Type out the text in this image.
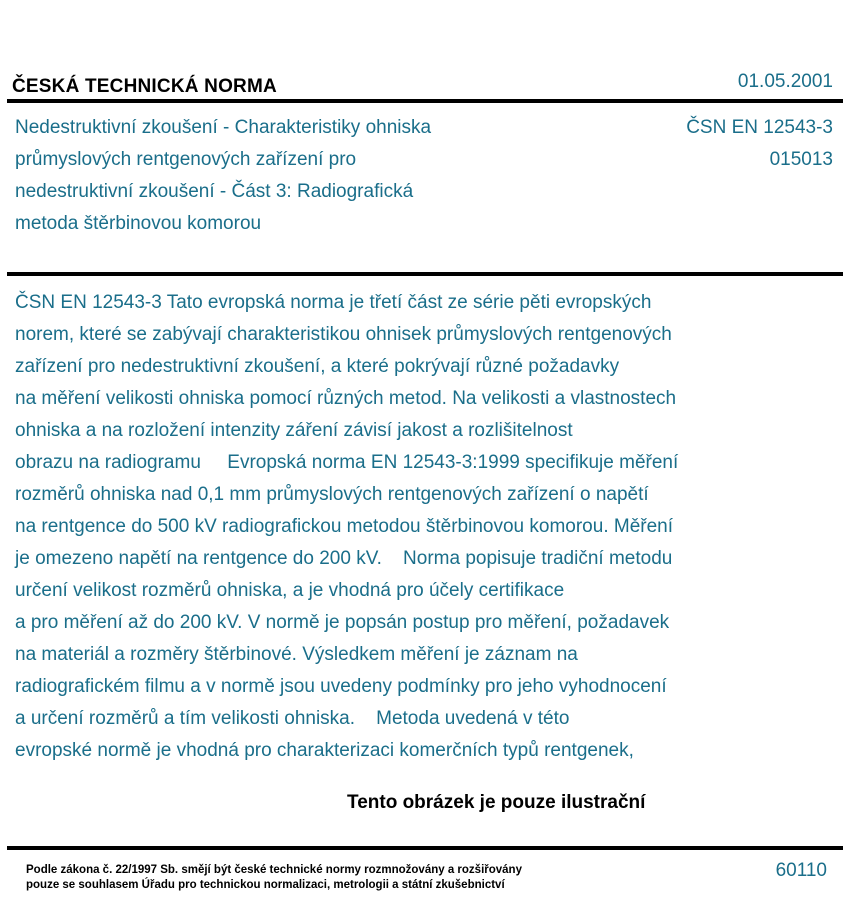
ČESKÁ TECHNICKÁ NORMA	01.05.2001
Nedestruktivní zkoušení - Charakteristiky ohniska
průmyslových rentgenových zařízení pro
nedestruktivní zkoušení - Část 3: Radiografická
metoda štěrbinovou komorou
ČSN EN 12543-3
015013
ČSN EN 12543-3 Tato evropská norma je třetí část ze série pěti evropských
norem, které se zabývají charakteristikou ohnisek průmyslových rentgenových
zařízení pro nedestruktivní zkoušení, a které pokrývají různé požadavky
na měření velikosti ohniska pomocí různých metod. Na velikosti a vlastnostech
ohniska a na rozložení intenzity záření závisí jakost a rozlišitelnost
obrazu na radiogramu     Evropská norma EN 12543-3:1999 specifikuje měření
rozměrů ohniska nad 0,1 mm průmyslových rentgenových zařízení o napětí
na rentgence do 500 kV radiografickou metodou štěrbinovou komorou. Měření
je omezeno napětí na rentgence do 200 kV.    Norma popisuje tradiční metodu
určení velikost rozměrů ohniska, a je vhodná pro účely certifikace
a pro měření až do 200 kV. V normě je popsán postup pro měření, požadavek
na materiál a rozměry štěrbinové. Výsledkem měření je záznam na
radiografickém filmu a v normě jsou uvedeny podmínky pro jeho vyhodnocení
a určení rozměrů a tím velikosti ohniska.    Metoda uvedená v této
evropské normě je vhodná pro charakterizaci komerčních typů rentgenek,
Tento obrázek je pouze ilustrační
Podle zákona č. 22/1997 Sb. smějí být české technické normy rozmnožovány a rozšiřovány
pouze se souhlasem Úřadu pro technickou normalizaci, metrologii a státní zkušebnictví
60110
